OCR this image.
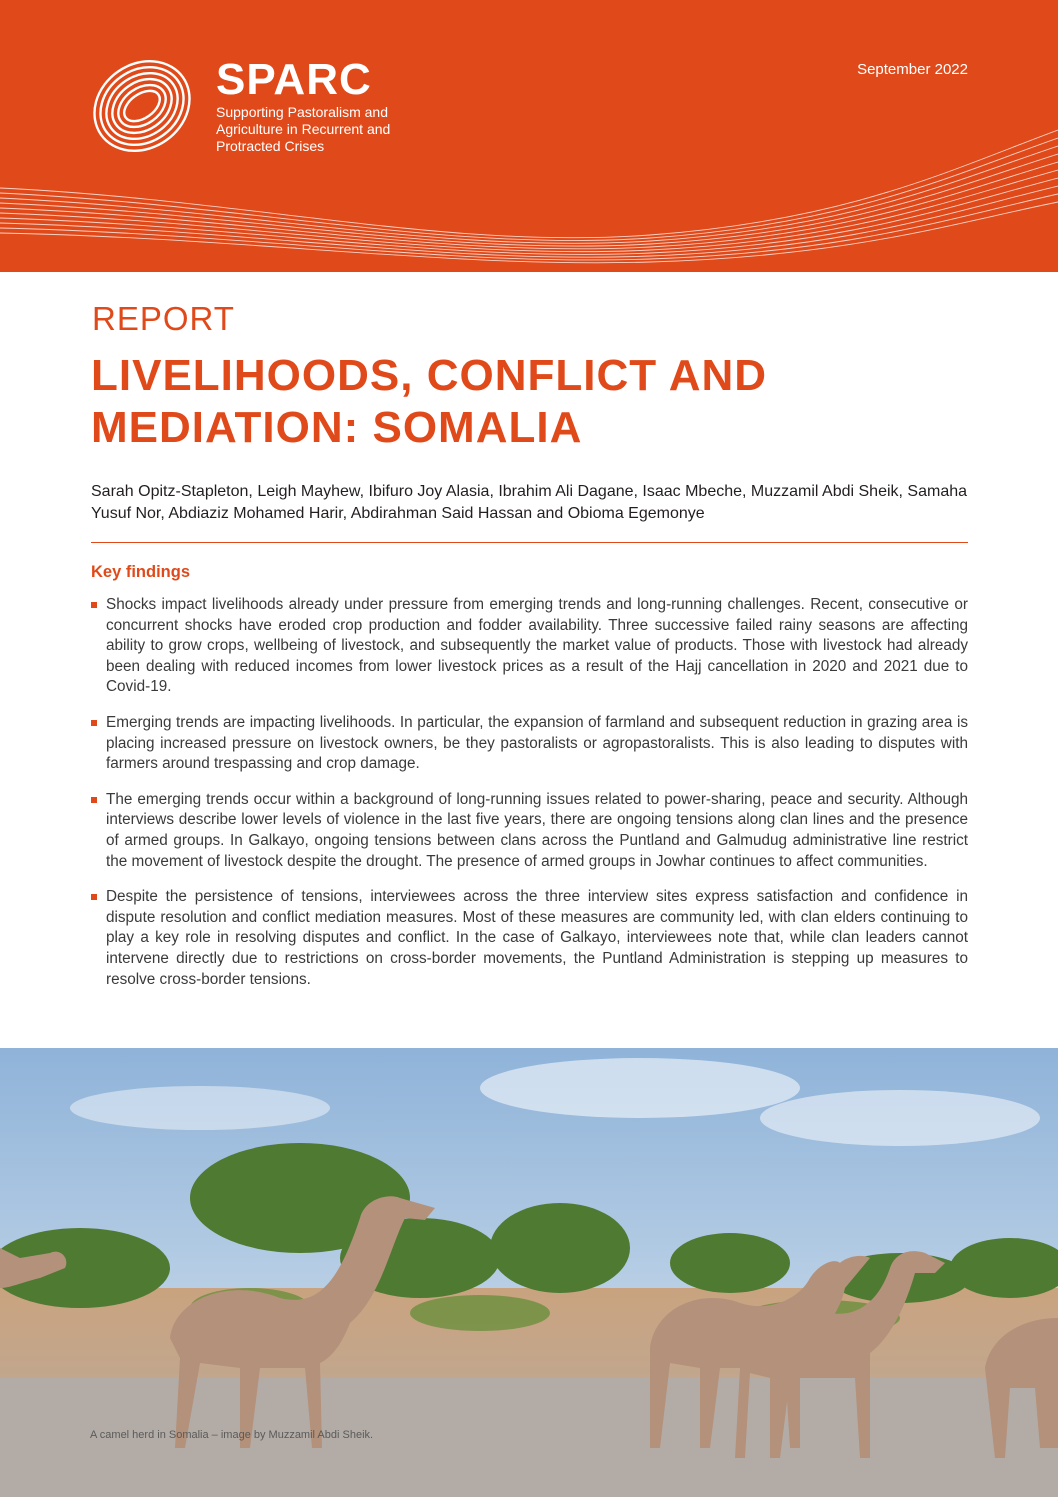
SPARC
Supporting Pastoralism and Agriculture in Recurrent and Protracted Crises
September 2022
REPORT
LIVELIHOODS, CONFLICT AND MEDIATION: SOMALIA

Sarah Opitz-Stapleton, Leigh Mayhew, Ibifuro Joy Alasia, Ibrahim Ali Dagane, Isaac Mbeche, Muzzamil Abdi Sheik, Samaha Yusuf Nor, Abdiaziz Mohamed Harir, Abdirahman Said Hassan and Obioma Egemonye

Key findings
Shocks impact livelihoods already under pressure from emerging trends and long-running challenges. Recent, consecutive or concurrent shocks have eroded crop production and fodder availability. Three successive failed rainy seasons are affecting ability to grow crops, wellbeing of livestock, and subsequently the market value of products. Those with livestock had already been dealing with reduced incomes from lower livestock prices as a result of the Hajj cancellation in 2020 and 2021 due to Covid-19.
Emerging trends are impacting livelihoods. In particular, the expansion of farmland and subsequent reduction in grazing area is placing increased pressure on livestock owners, be they pastoralists or agropastoralists. This is also leading to disputes with farmers around trespassing and crop damage.
The emerging trends occur within a background of long-running issues related to power-sharing, peace and security. Although interviews describe lower levels of violence in the last five years, there are ongoing tensions along clan lines and the presence of armed groups. In Galkayo, ongoing tensions between clans across the Puntland and Galmudug administrative line restrict the movement of livestock despite the drought. The presence of armed groups in Jowhar continues to affect communities.
Despite the persistence of tensions, interviewees across the three interview sites express satisfaction and confidence in dispute resolution and conflict mediation measures. Most of these measures are community led, with clan elders continuing to play a key role in resolving disputes and conflict. In the case of Galkayo, interviewees note that, while clan leaders cannot intervene directly due to restrictions on cross-border movements, the Puntland Administration is stepping up measures to resolve cross-border tensions.
A camel herd in Somalia – image by Muzzamil Abdi Sheik.
